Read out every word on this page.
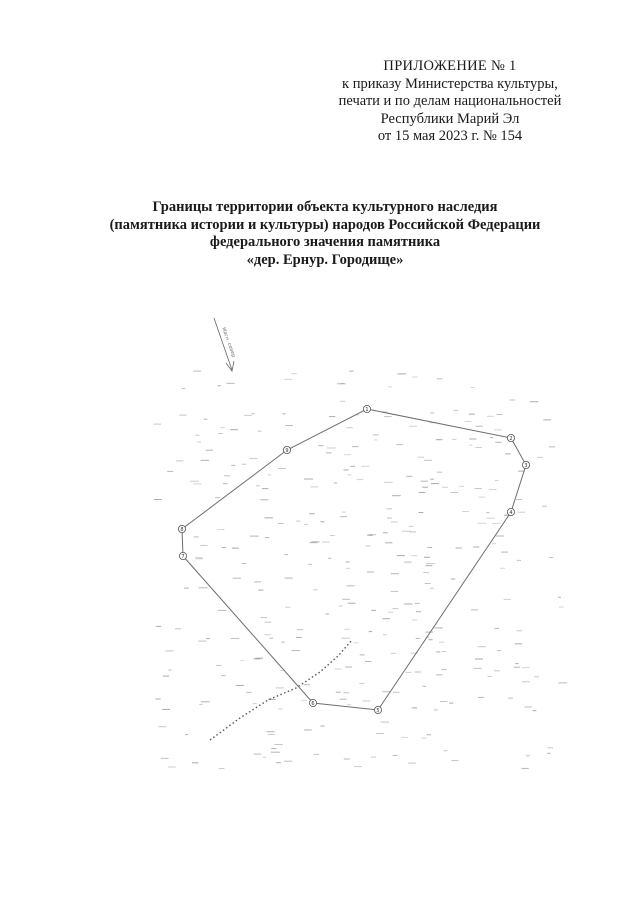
ПРИЛОЖЕНИЕ № 1
к приказу Министерства культуры,
печати и по делам национальностей
Республики Марий Эл
от 15 мая 2023 г. № 154
Границы территории объекта культурного наследия
(памятника истории и культуры) народов Российской Федерации
федерального значения памятника
«дер. Ернур. Городище»
Магн. север
1
2
3
4
5
6
7
8
9
